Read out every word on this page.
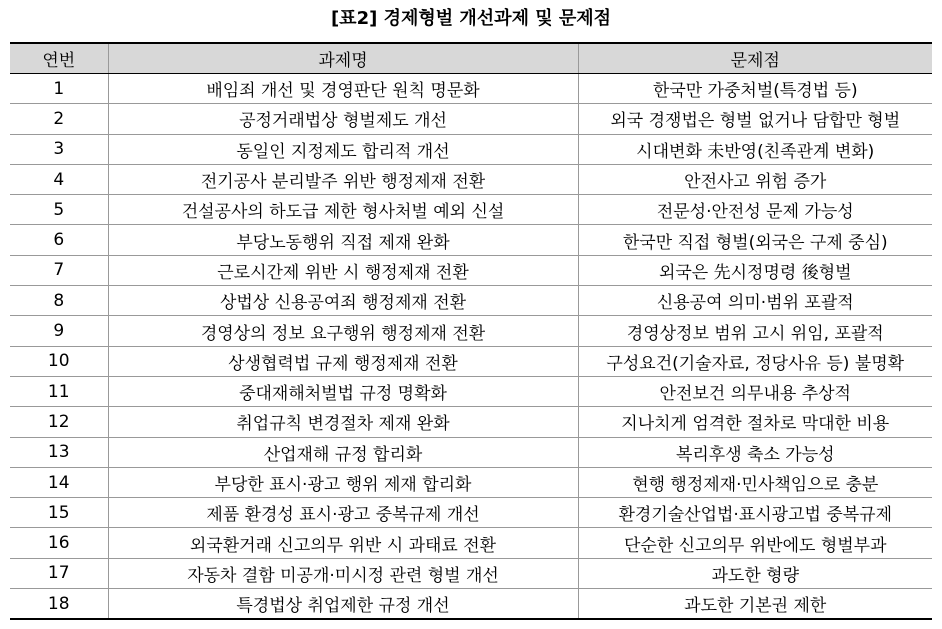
[표2] 경제형벌 개선과제 및 문제점
연번	과제명	문제점
1	배임죄 개선 및 경영판단 원칙 명문화	한국만 가중처벌(특경법 등)
2	공정거래법상 형벌제도 개선	외국 경쟁법은 형벌 없거나 담합만 형벌
3	동일인 지정제도 합리적 개선	시대변화 未반영(친족관계 변화)
4	전기공사 분리발주 위반 행정제재 전환	안전사고 위험 증가
5	건설공사의 하도급 제한 형사처벌 예외 신설	전문성·안전성 문제 가능성
6	부당노동행위 직접 제재 완화	한국만 직접 형벌(외국은 구제 중심)
7	근로시간제 위반 시 행정제재 전환	외국은 先시정명령 後형벌
8	상법상 신용공여죄 행정제재 전환	신용공여 의미·범위 포괄적
9	경영상의 정보 요구행위 행정제재 전환	경영상정보 범위 고시 위임, 포괄적
10	상생협력법 규제 행정제재 전환	구성요건(기술자료, 정당사유 등) 불명확
11	중대재해처벌법 규정 명확화	안전보건 의무내용 추상적
12	취업규칙 변경절차 제재 완화	지나치게 엄격한 절차로 막대한 비용
13	산업재해 규정 합리화	복리후생 축소 가능성
14	부당한 표시·광고 행위 제재 합리화	현행 행정제재·민사책임으로 충분
15	제품 환경성 표시·광고 중복규제 개선	환경기술산업법·표시광고법 중복규제
16	외국환거래 신고의무 위반 시 과태료 전환	단순한 신고의무 위반에도 형벌부과
17	자동차 결함 미공개·미시정 관련 형벌 개선	과도한 형량
18	특경법상 취업제한 규정 개선	과도한 기본권 제한
